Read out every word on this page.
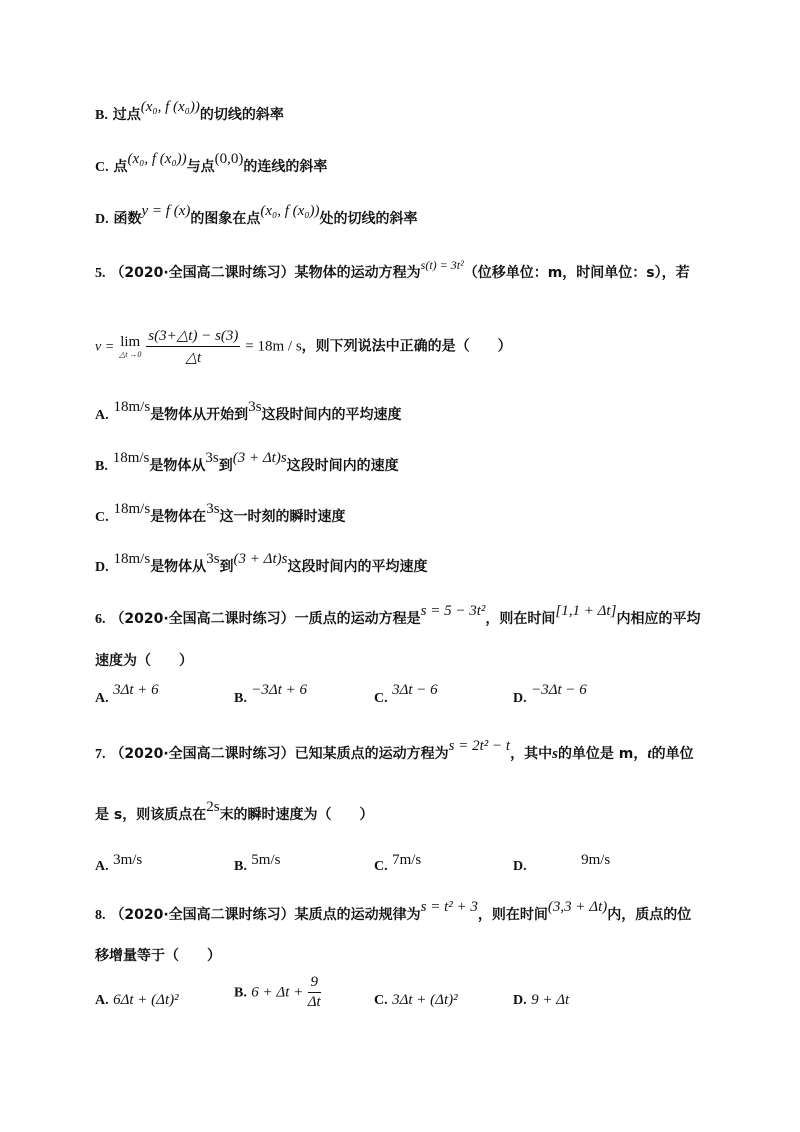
B. 过点(x₀, f (x₀))的切线的斜率
C. 点(x₀, f (x₀))与点(0,0)的连线的斜率
D. 函数y = f (x)的图象在点(x₀, f (x₀))处的切线的斜率
5. （2020·全国高二课时练习）某物体的运动方程为s(t) = 3t²（位移单位：m，时间单位：s），若
v = lim
△t →0
$\frac{s(3+\triangle t) - s(3)}{\triangle t} = 18m / s$，则下列说法中正确的是（　　）
A. 18m/s是物体从开始到3s这段时间内的平均速度
B. 18m/s是物体从3s到(3 + Δt)s这段时间内的速度
C. 18m/s是物体在3s这一时刻的瞬时速度
D. 18m/s是物体从3s到(3 + Δt)s这段时间内的平均速度
6. （2020·全国高二课时练习）一质点的运动方程是s = 5 − 3t²，则在时间[1,1 + Δt]内相应的平均
速度为（　　）
A. 3Δt + 6
B. −3Δt + 6
C. 3Δt − 6
D. −3Δt − 6
7. （2020·全国高二课时练习）已知某质点的运动方程为s = 2t² − t，其中s的单位是 m，t的单位
是 s，则该质点在2s末的瞬时速度为（　　）
A. 3m/s	B. 5m/s	C. 7m/s	D.	9m/s
8. （2020·全国高二课时练习）某质点的运动规律为s = t² + 3，则在时间(3,3 + Δt)内，质点的位
移增量等于（　　）
A. 6Δt + (Δt)²	B. $6 + \Delta t + \frac{9}{\Delta t}$	C. 3Δt + (Δt)²	D. 9 + Δt
